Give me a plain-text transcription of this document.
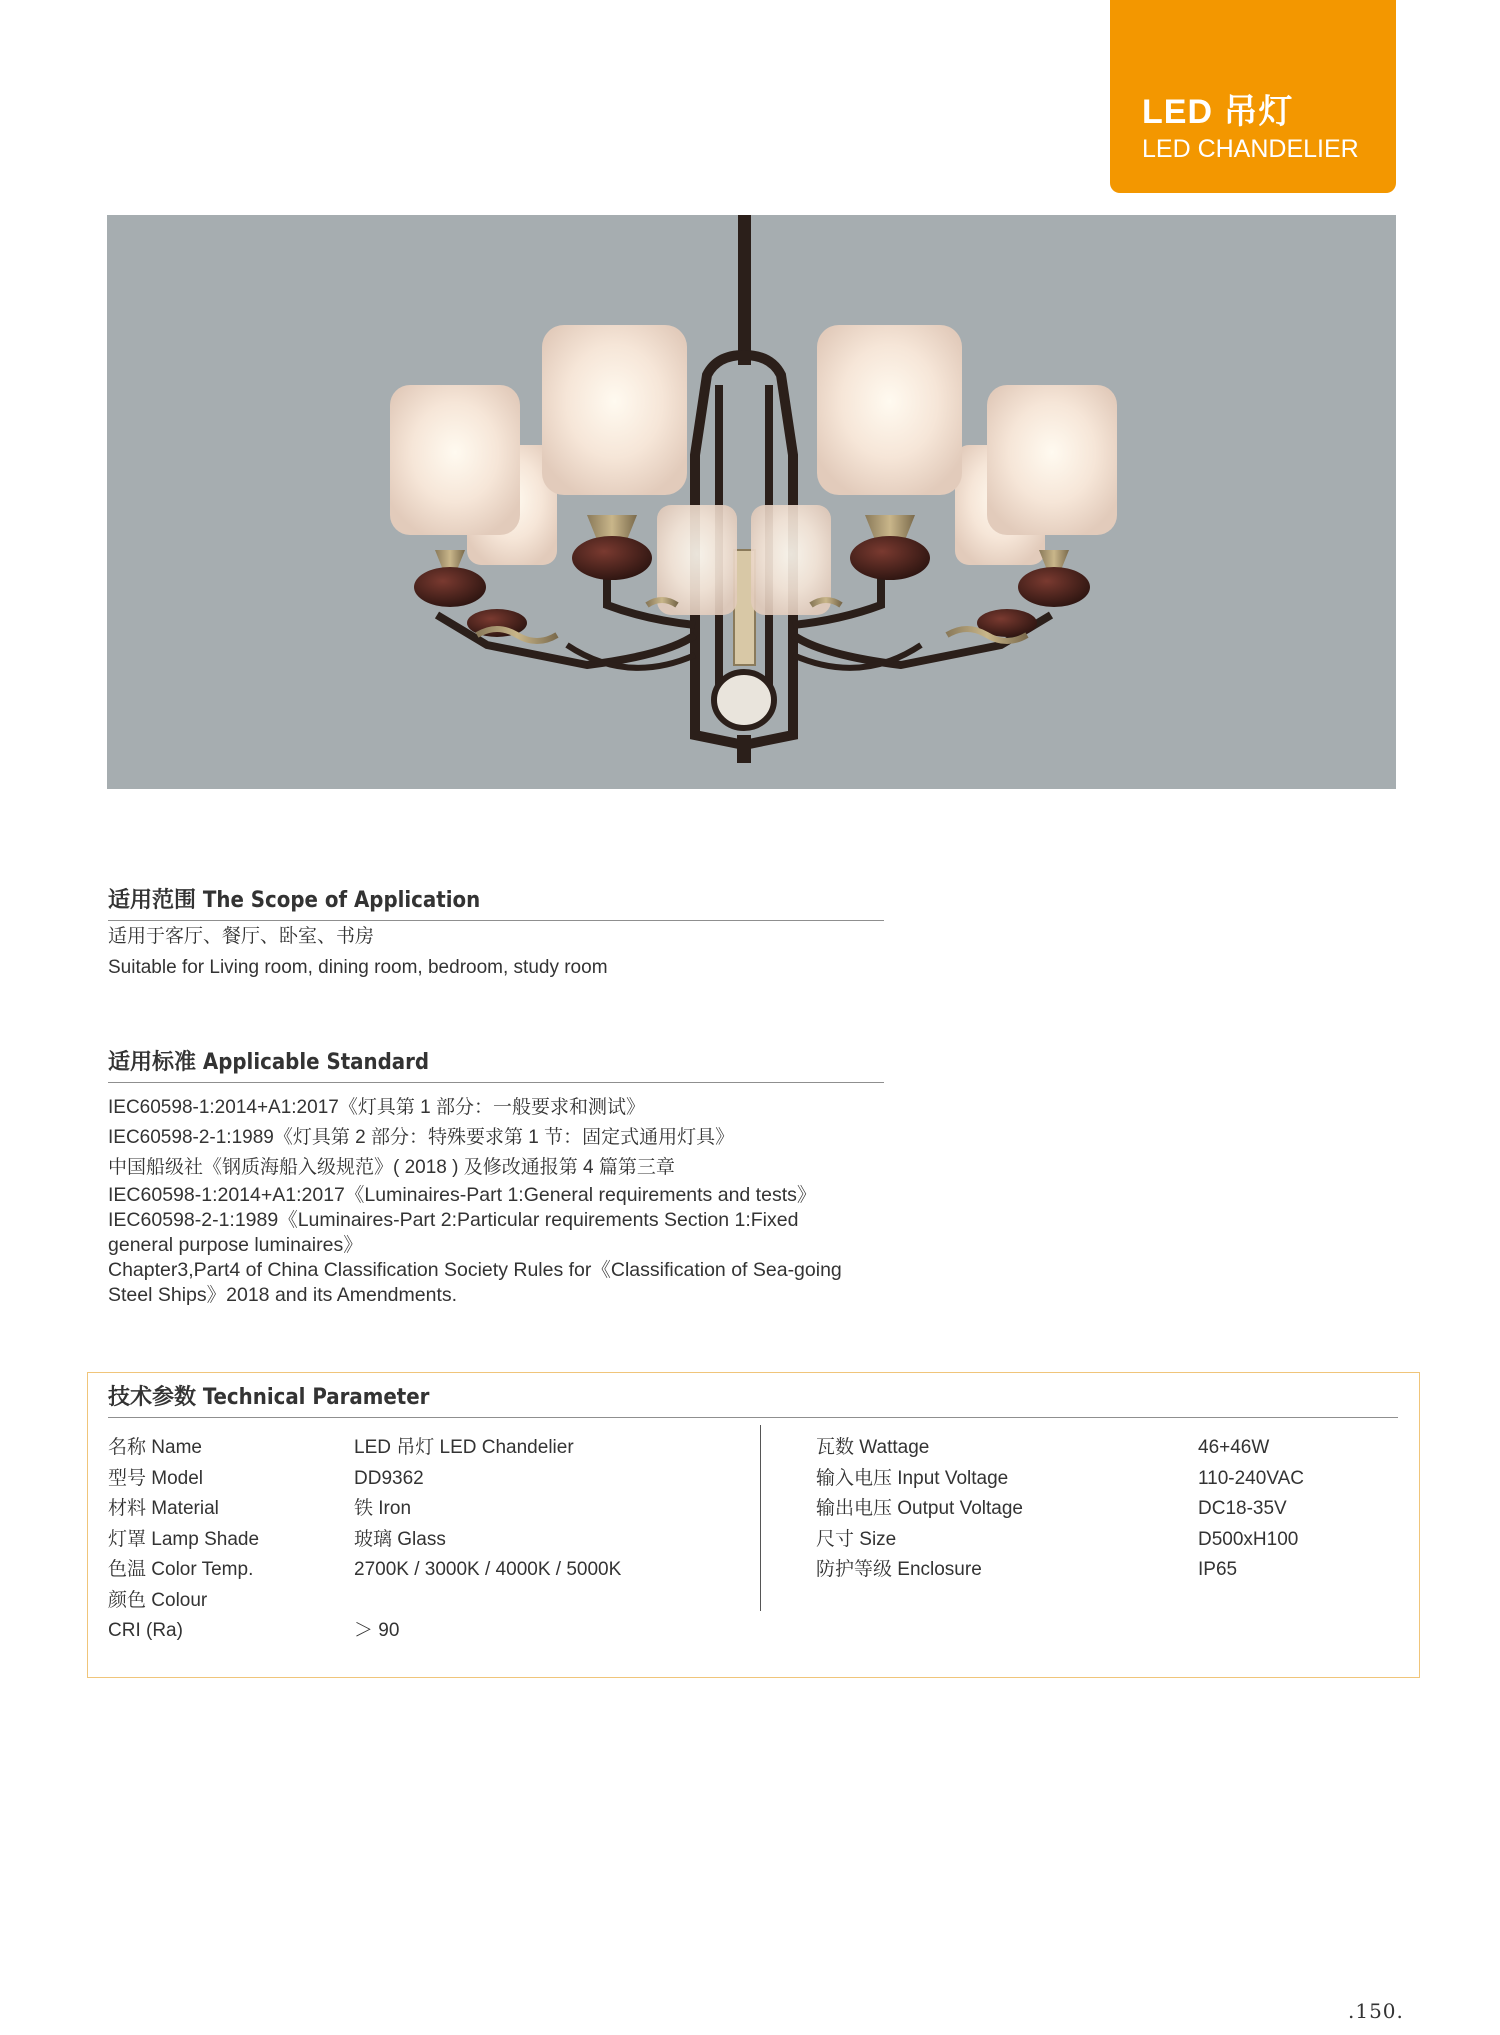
LED 吊灯
LED CHANDELIER
适用范围 The Scope of Application
适用于客厅、餐厅、卧室、书房
Suitable for Living room, dining room, bedroom, study room
适用标准 Applicable Standard
IEC60598-1:2014+A1:2017《灯具第 1 部分：一般要求和测试》
IEC60598-2-1:1989《灯具第 2 部分：特殊要求第 1 节：固定式通用灯具》
中国船级社《钢质海船入级规范》( 2018 ) 及修改通报第 4 篇第三章
IEC60598-1:2014+A1:2017《Luminaires-Part 1:General requirements and tests》
IEC60598-2-1:1989《Luminaires-Part 2:Particular requirements Section 1:Fixed
general purpose luminaires》
Chapter3,Part4 of China Classification Society Rules for《Classification of Sea-going
Steel Ships》2018 and its Amendments.
技术参数 Technical Parameter
名称 Name
型号 Model
材料 Material
灯罩 Lamp Shade
色温 Color Temp.
颜色 Colour
CRI (Ra)
LED 吊灯 LED Chandelier
DD9362
铁 Iron
玻璃 Glass
2700K / 3000K / 4000K / 5000K
＞ 90
瓦数 Wattage
输入电压 Input Voltage
输出电压 Output Voltage
尺寸 Size
防护等级 Enclosure
46+46W
110-240VAC
DC18-35V
D500xH100
IP65
.150.
